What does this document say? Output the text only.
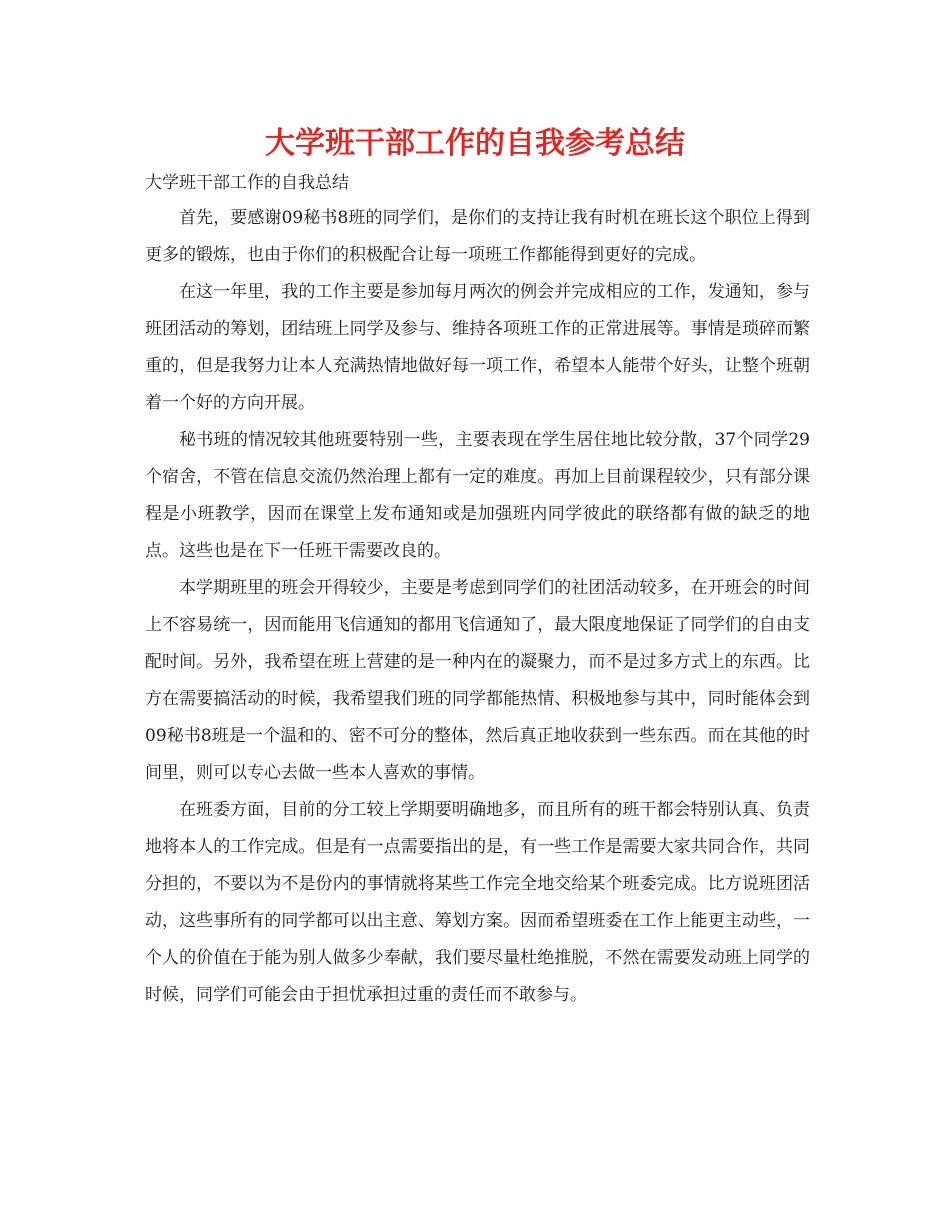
大学班干部工作的自我参考总结

大学班干部工作的自我总结

首先，要感谢09秘书8班的同学们，是你们的支持让我有时机在班长这个职位上得到更多的锻炼，也由于你们的积极配合让每一项班工作都能得到更好的完成。

在这一年里，我的工作主要是参加每月两次的例会并完成相应的工作，发通知，参与班团活动的筹划，团结班上同学及参与、维持各项班工作的正常进展等。事情是琐碎而繁重的，但是我努力让本人充满热情地做好每一项工作，希望本人能带个好头，让整个班朝着一个好的方向开展。

秘书班的情况较其他班要特别一些，主要表现在学生居住地比较分散，37个同学29个宿舍，不管在信息交流仍然治理上都有一定的难度。再加上目前课程较少，只有部分课程是小班教学，因而在课堂上发布通知或是加强班内同学彼此的联络都有做的缺乏的地点。这些也是在下一任班干需要改良的。

本学期班里的班会开得较少，主要是考虑到同学们的社团活动较多，在开班会的时间上不容易统一，因而能用飞信通知的都用飞信通知了，最大限度地保证了同学们的自由支配时间。另外，我希望在班上营建的是一种内在的凝聚力，而不是过多方式上的东西。比方在需要搞活动的时候，我希望我们班的同学都能热情、积极地参与其中，同时能体会到09秘书8班是一个温和的、密不可分的整体，然后真正地收获到一些东西。而在其他的时间里，则可以专心去做一些本人喜欢的事情。

在班委方面，目前的分工较上学期要明确地多，而且所有的班干都会特别认真、负责地将本人的工作完成。但是有一点需要指出的是，有一些工作是需要大家共同合作，共同分担的，不要以为不是份内的事情就将某些工作完全地交给某个班委完成。比方说班团活动，这些事所有的同学都可以出主意、筹划方案。因而希望班委在工作上能更主动些，一个人的价值在于能为别人做多少奉献，我们要尽量杜绝推脱，不然在需要发动班上同学的时候，同学们可能会由于担忧承担过重的责任而不敢参与。
